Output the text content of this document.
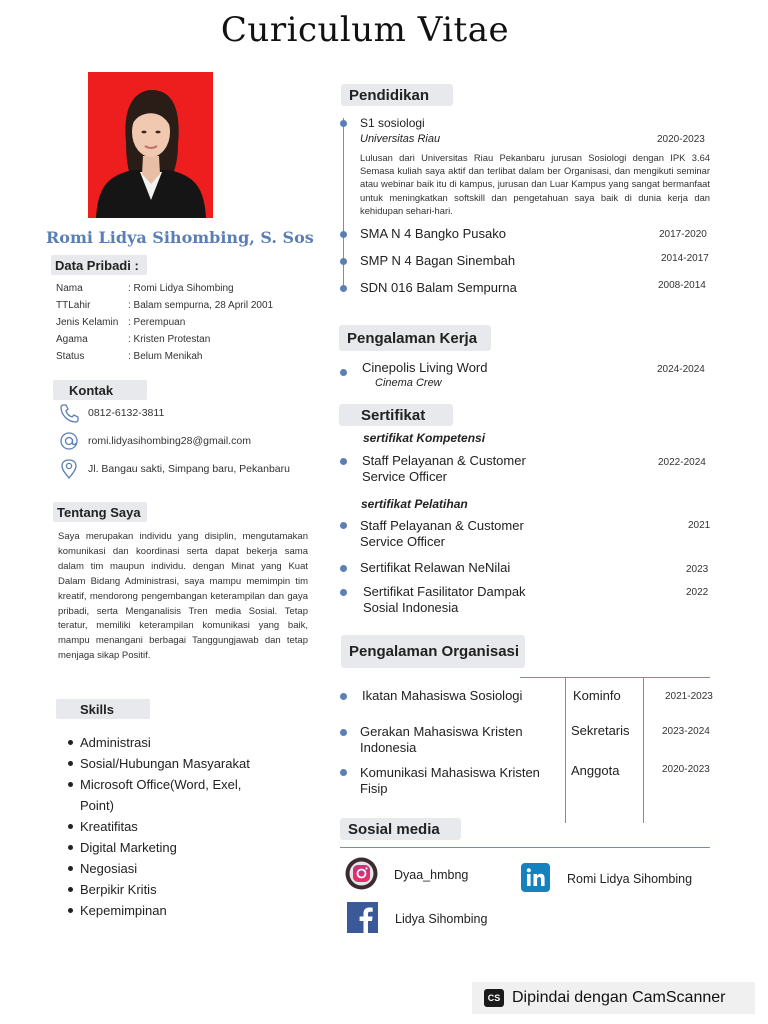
Curiculum Vitae
Romi Lidya Sihombing, S. Sos
Data Pribadi :
Nama	: Romi Lidya Sihombing
TTLahir	: Balam sempurna, 28 April 2001
Jenis Kelamin : Perempuan
Agama	: Kristen Protestan
Status	: Belum Menikah
Kontak
0812-6132-3811
romi.lidyasihombing28@gmail.com
Jl. Bangau sakti, Simpang baru, Pekanbaru
Tentang Saya
Saya merupakan individu yang disiplin, mengutamakan komunikasi dan koordinasi serta dapat bekerja sama dalam tim maupun individu. dengan Minat yang Kuat Dalam Bidang Administrasi, saya mampu memimpin tim kreatif, mendorong pengembangan keterampilan dan gaya pribadi, serta Menganalisis Tren media Sosial. Tetap teratur, memiliki keterampilan komunikasi yang baik, mampu menangani berbagai Tanggungjawab dan tetap menjaga sikap Positif.
Skills
Administrasi
Sosial/Hubungan Masyarakat
Microsoft Office(Word, Exel, Point)
Kreatifitas
Digital Marketing
Negosiasi
Berpikir Kritis
Kepemimpinan
Pendidikan
S1 sosiologi
Universitas Riau	2020-2023
Lulusan dari Universitas Riau Pekanbaru jurusan Sosiologi dengan IPK 3.64 Semasa kuliah saya aktif dan terlibat dalam ber Organisasi, dan mengikuti seminar atau webinar baik itu di kampus, jurusan dan Luar Kampus yang sangat bermanfaat untuk meningkatkan softskill dan pengetahuan saya baik di dunia kerja dan kehidupan sehari-hari.
SMA N 4 Bangko Pusako	2017-2020
SMP N 4 Bagan Sinembah	2014-2017
SDN 016 Balam Sempurna	2008-2014
Pengalaman Kerja
Cinepolis Living Word
Cinema Crew
2024-2024
Sertifikat
sertifikat Kompetensi
Staff Pelayanan & Customer
Service Officer
2022-2024
sertifikat Pelatihan
Staff Pelayanan & Customer
Service Officer
2021
Sertifikat Relawan NeNilai	2023
Sertifikat Fasilitator Dampak
Sosial Indonesia
2022
Pengalaman Organisasi
Ikatan Mahasiswa Sosiologi	Kominfo	2021-2023
Gerakan Mahasiswa Kristen
Indonesia
Sekretaris	2023-2024
Komunikasi Mahasiswa Kristen
Fisip
Anggota	2020-2023
Sosial media
Dyaa_hmbng	Romi Lidya Sihombing
Lidya Sihombing
CS Dipindai dengan CamScanner
